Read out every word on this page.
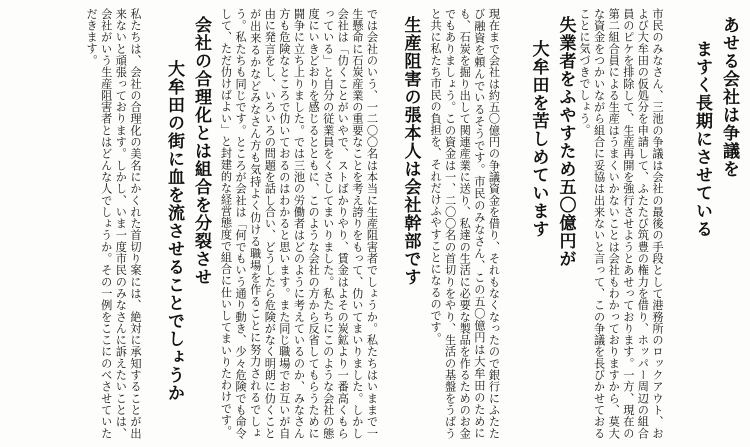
あせる会社は争議を
ますく長期にさせている

市民のみなさん、三池の争議は会社の最後の手段として港務所のロックアウト、および大牟田の仮処分を申請して、ふたたび筑豊の権力を借り、ホッパー周辺の組合員のピケを排除して、生産再開を強行させようとあせっております。一方、現在の第二組合員による生産はうまくいかないことは会社もわかっておりますから、莫大な資金をつかいながら組合に妥協は出来ないと言って、この争議を長びかせておることに気づきでしょう。

失業者をふやすため五〇億円が
大牟田を苦しめています

現在まで会社は約五〇億円の争議資金を借り、それもなくなったので銀行にふたたび融資を頼んでいるそうです。市民のみなさん、この五〇億円は大牟田のためにも、石炭を掘り出して関連産業に送り、私達の生活に必要な製品を作るためのお金でもありましょう。この資金は一、二〇〇名の首切りをやり、生活の基盤をうばうと共に私たち市民の負担を、それだけふやすことになるのです。

生産阻害の張本人は会社幹部です

では会社のいう、一二〇〇名は本当に生産阻害者でしょうか。私たちはいままで一生懸命に石炭産業の重要なことを考え誇りをもって、仂いてまいりました。しかし会社は「仂くことがいやで、ストばかりやり、賃金はよその炭鉱より一番高くもらっている」と自分の従業員をくさしてまいりました。私たちにこのような会社の態度にいきどおりを感じるとともに、このような会社の方から反省してもらうために闘争に立ち上りました。では三池の労働者はどのように考えているのか、みなさん方も危険なところで仂いておるのはわかると思います。また同じ職場でお互いが自由に発言をし、いろいろの問題を話し合い、どうしたら危険がなく明朗に仂くことが出来るかなどみなさん方も気持よく仂ける職場を作ることに努力されるでしょう。私たちも同じです。ところが会社は「何でもいう通り動き、少々危険でも命令して、ただ仂けばよい」と封建的な経営態度で組合に仕いしてまいりたわけです。

会社の合理化とは組合を分裂させ
大牟田の街に血を流させることでしょうか

私たちは、会社の合理化の美名にかくれた首切り案には、絶対に承知することが出来ないと頑張っております。しかし、いま一度市民のみなさんに訴えたいことは、会社がいう生産阻害者とはどんな人でしょうか。その一例をここにのべさせていただきます。
